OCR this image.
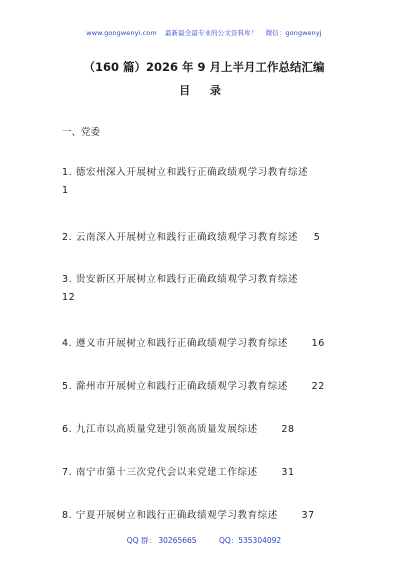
www.gongwenyi.com 最新最全最专业的公文资料库！ 微信：gongwenyj
（160 篇）2026 年 9 月上半月工作总结汇编
目 录
一、党委
1. 德宏州深入开展树立和践行正确政绩观学习教育综述
1
2. 云南深入开展树立和践行正确政绩观学习教育综述 5
3. 贵安新区开展树立和践行正确政绩观学习教育综述
12
4. 遵义市开展树立和践行正确政绩观学习教育综述 16
5. 滁州市开展树立和践行正确政绩观学习教育综述 22
6. 九江市以高质量党建引领高质量发展综述 28
7. 南宁市第十三次党代会以来党建工作综述 31
8. 宁夏开展树立和践行正确政绩观学习教育综述 37
QQ 群： 30265665	QQ：535304092
